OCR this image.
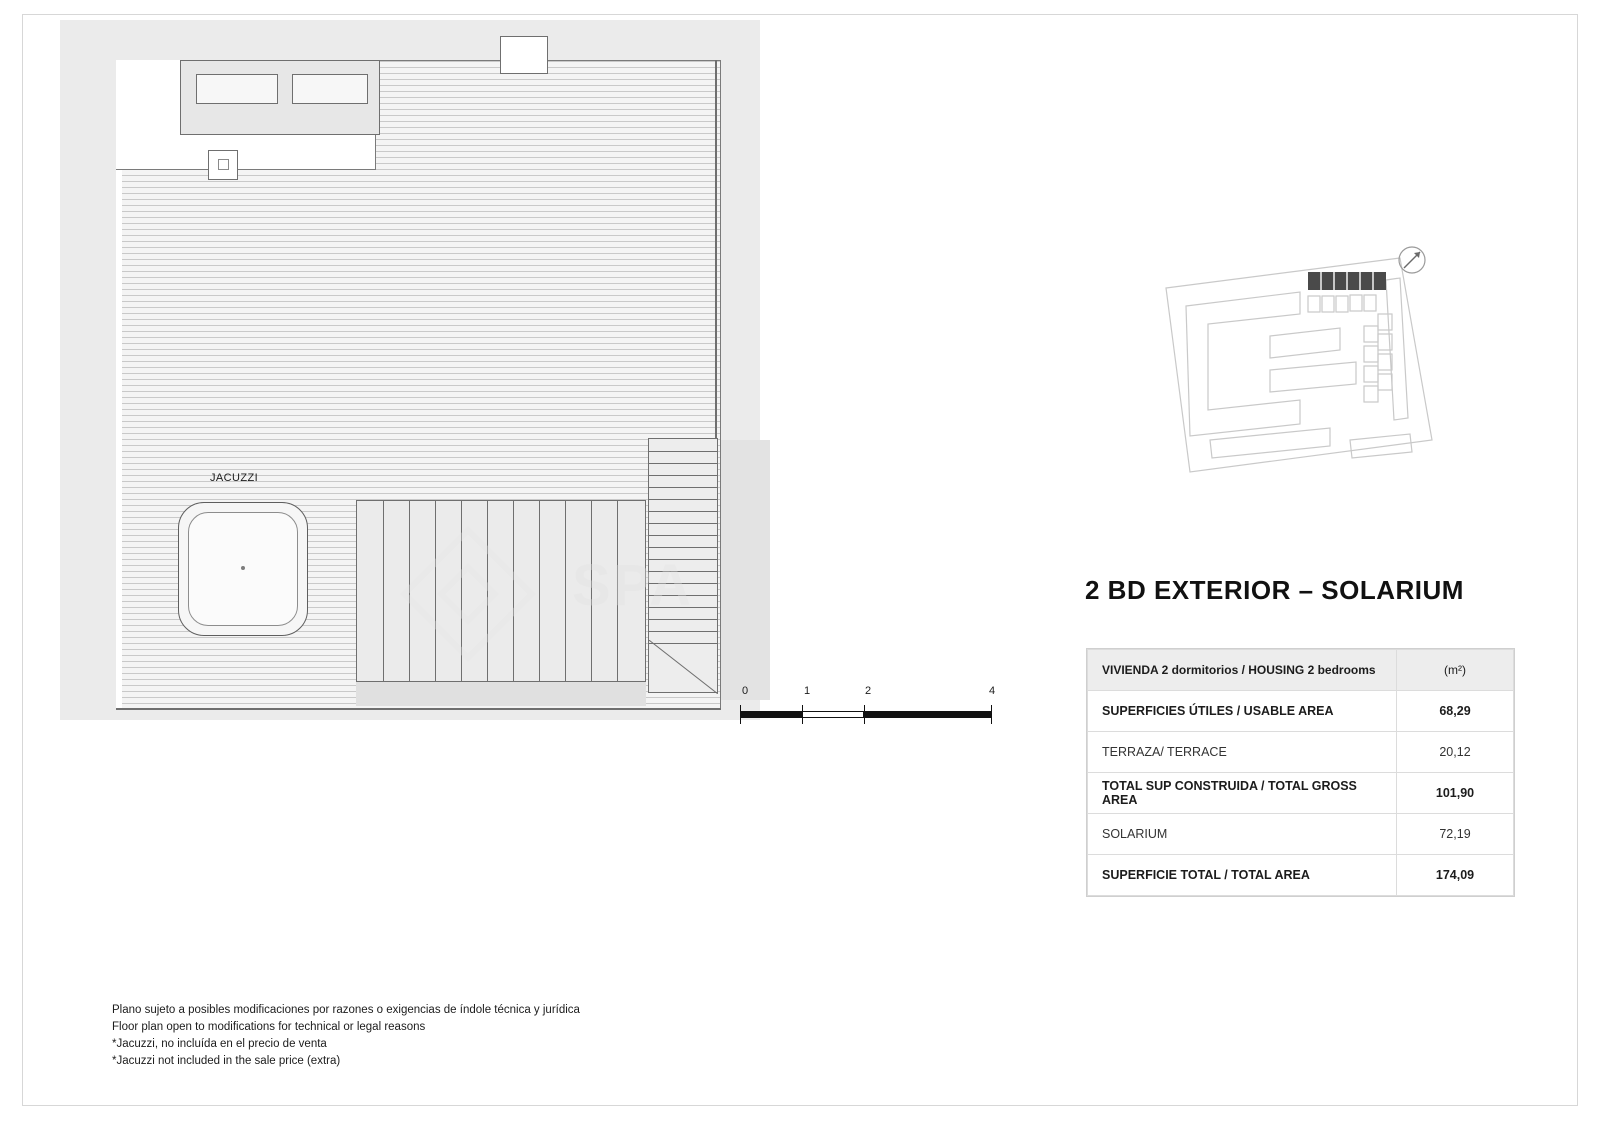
JACUZZI
SPA
0	1	2	4
2 BD EXTERIOR – SOLARIUM
VIVIENDA 2 dormitorios / HOUSING 2 bedrooms	(m²)
SUPERFICIES ÚTILES / USABLE AREA	68,29
TERRAZA/ TERRACE	20,12
TOTAL SUP CONSTRUIDA / TOTAL GROSS AREA	101,90
SOLARIUM	72,19
SUPERFICIE TOTAL / TOTAL AREA	174,09
Plano sujeto a posibles modificaciones por razones o exigencias de índole técnica y jurídica
Floor plan open to modifications for technical or legal reasons
*Jacuzzi, no incluída en el precio de venta
*Jacuzzi not included in the sale price (extra)
